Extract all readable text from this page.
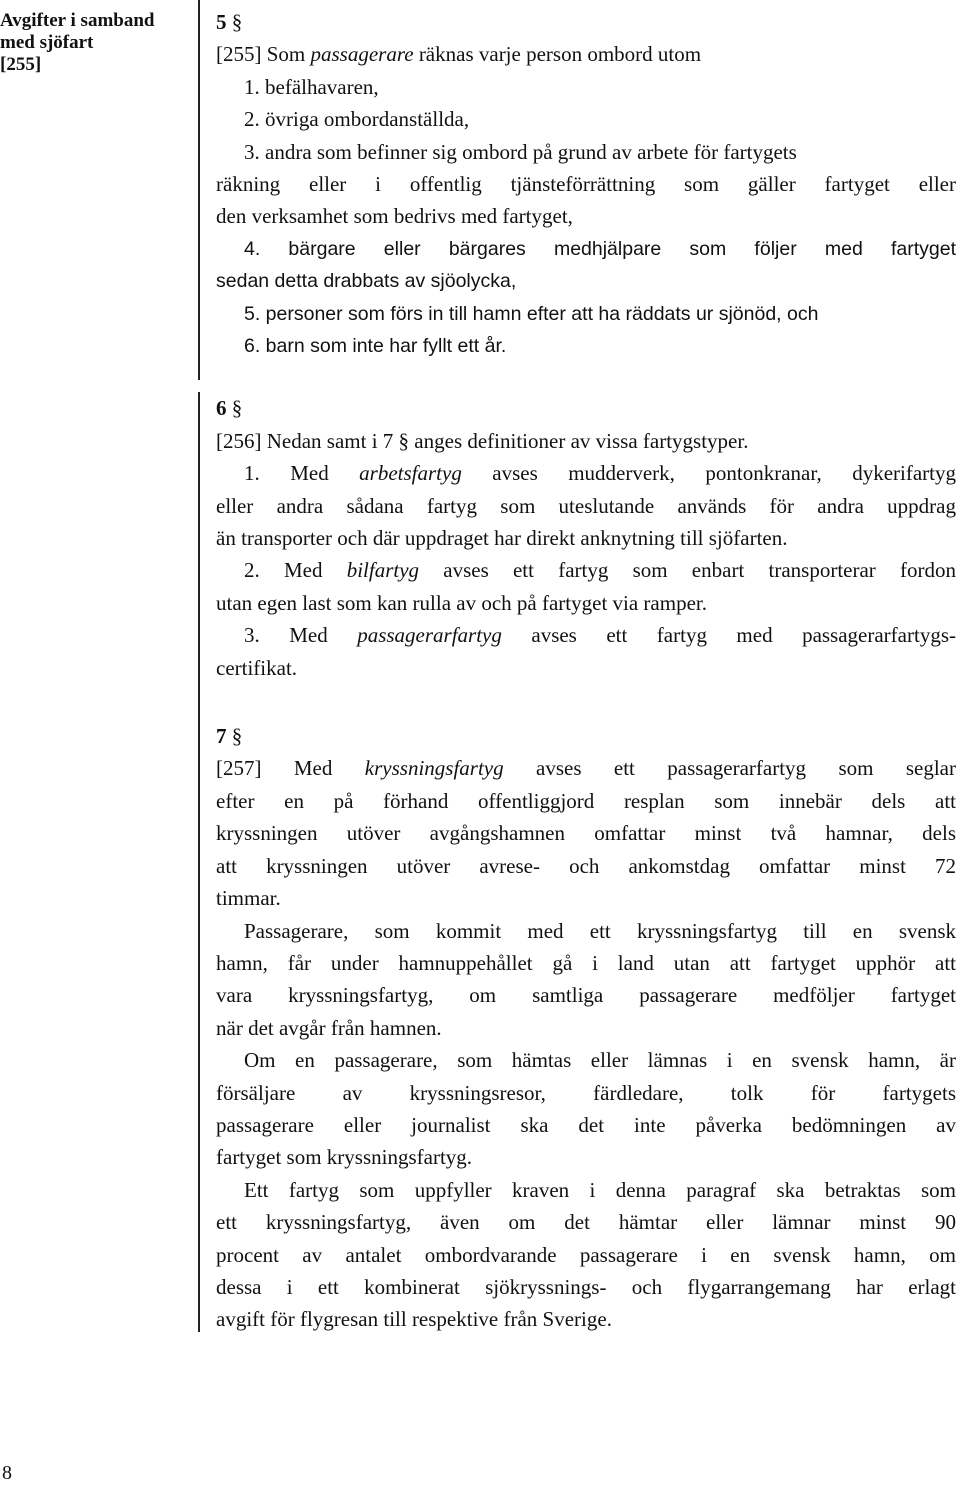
Avgifter i samband
med sjöfart
[255]
8
5 §
[255] Som passagerare räknas varje person ombord utom
1. befälhavaren,
2. övriga ombordanställda,
3. andra som befinner sig ombord på grund av arbete för fartygets
räkning eller i offentlig tjänsteförrättning som gäller fartyget eller
den verksamhet som bedrivs med fartyget,
4. bärgare eller bärgares medhjälpare som följer med fartyget
sedan detta drabbats av sjöolycka,
5. personer som förs in till hamn efter att ha räddats ur sjönöd, och
6. barn som inte har fyllt ett år.
6 §
[256] Nedan samt i 7 § anges definitioner av vissa fartygstyper.
1. Med arbetsfartyg avses mudderverk, pontonkranar, dykerifartyg
eller andra sådana fartyg som uteslutande används för andra uppdrag
än transporter och där uppdraget har direkt anknytning till sjöfarten.
2. Med bilfartyg avses ett fartyg som enbart transporterar fordon
utan egen last som kan rulla av och på fartyget via ramper.
3. Med passagerarfartyg avses ett fartyg med passagerarfartygs-
certifikat.
7 §
[257] Med kryssningsfartyg avses ett passagerarfartyg som seglar
efter en på förhand offentliggjord resplan som innebär dels att
kryssningen utöver avgångshamnen omfattar minst två hamnar, dels
att kryssningen utöver avrese- och ankomstdag omfattar minst 72
timmar.
Passagerare, som kommit med ett kryssningsfartyg till en svensk
hamn, får under hamnuppehållet gå i land utan att fartyget upphör att
vara kryssningsfartyg, om samtliga passagerare medföljer fartyget
när det avgår från hamnen.
Om en passagerare, som hämtas eller lämnas i en svensk hamn, är
försäljare av kryssningsresor, färdledare, tolk för fartygets
passagerare eller journalist ska det inte påverka bedömningen av
fartyget som kryssningsfartyg.
Ett fartyg som uppfyller kraven i denna paragraf ska betraktas som
ett kryssningsfartyg, även om det hämtar eller lämnar minst 90
procent av antalet ombordvarande passagerare i en svensk hamn, om
dessa i ett kombinerat sjökryssnings- och flygarrangemang har erlagt
avgift för flygresan till respektive från Sverige.
